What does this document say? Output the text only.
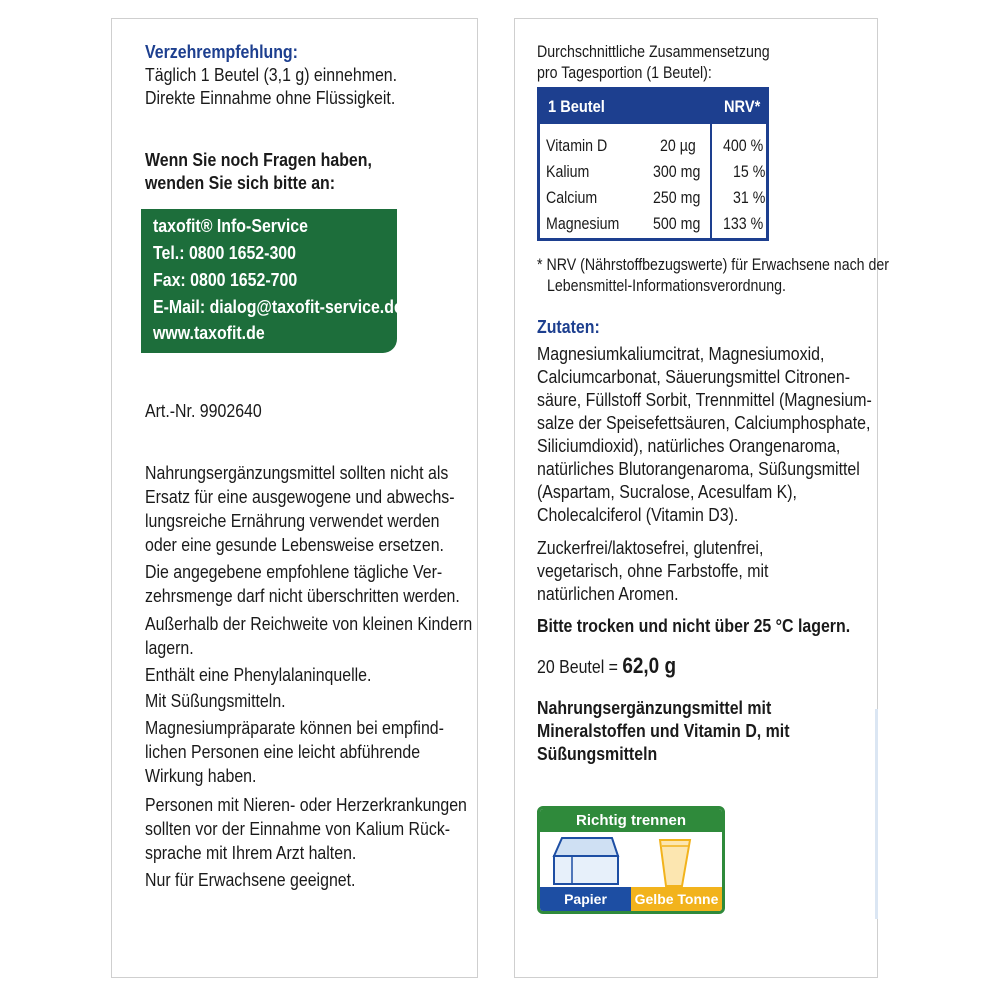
Verzehrempfehlung:
Täglich 1 Beutel (3,1 g) einnehmen.
Direkte Einnahme ohne Flüssigkeit.
Wenn Sie noch Fragen haben,
wenden Sie sich bitte an:
taxofit® Info-Service
Tel.: 0800 1652-300
Fax: 0800 1652-700
E-Mail: dialog@taxofit-service.de
www.taxofit.de
Art.-Nr. 9902640
Nahrungsergänzungsmittel sollten nicht als
Ersatz für eine ausgewogene und abwechs-
lungsreiche Ernährung verwendet werden
oder eine gesunde Lebensweise ersetzen.
Die angegebene empfohlene tägliche Ver-
zehrsmenge darf nicht überschritten werden.
Außerhalb der Reichweite von kleinen Kindern
lagern.
Enthält eine Phenylalaninquelle.
Mit Süßungsmitteln.
Magnesiumpräparate können bei empfind-
lichen Personen eine leicht abführende
Wirkung haben.
Personen mit Nieren- oder Herzerkrankungen
sollten vor der Einnahme von Kalium Rück-
sprache mit Ihrem Arzt halten.
Nur für Erwachsene geeignet.
Durchschnittliche Zusammensetzung
pro Tagesportion (1 Beutel):
1 Beutel	NRV*
Vitamin D	20 µg 400 %
Kalium	300 mg 15 %
Calcium	250 mg 31 %
Magnesium 500 mg 133 %
* NRV (Nährstoffbezugswerte) für Erwachsene nach der
Lebensmittel-Informationsverordnung.
Zutaten:
Magnesiumkaliumcitrat, Magnesiumoxid,
Calciumcarbonat, Säuerungsmittel Citronen-
säure, Füllstoff Sorbit, Trennmittel (Magnesium-
salze der Speisefettsäuren, Calciumphosphate,
Siliciumdioxid), natürliches Orangenaroma,
natürliches Blutorangenaroma, Süßungsmittel
(Aspartam, Sucralose, Acesulfam K),
Cholecalciferol (Vitamin D3).
Zuckerfrei/laktosefrei, glutenfrei,
vegetarisch, ohne Farbstoffe, mit
natürlichen Aromen.
Bitte trocken und nicht über 25 °C lagern.
20 Beutel = 62,0 g
Nahrungsergänzungsmittel mit
Mineralstoffen und Vitamin D, mit
Süßungsmitteln
Richtig trennen
Papier	Gelbe Tonne
